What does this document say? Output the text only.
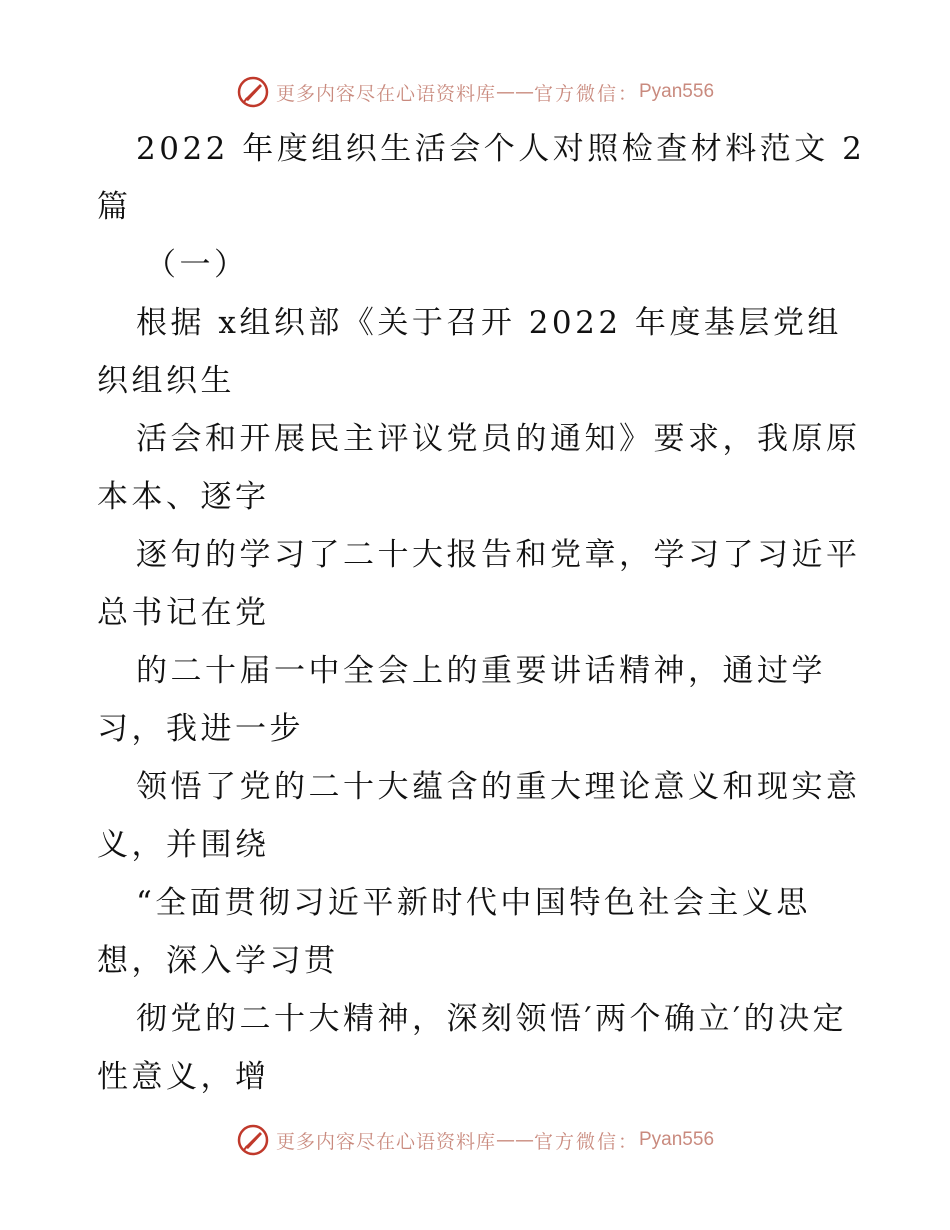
更多内容尽在心语资料库 —— 官方微信： Pyan556
2022 年度组织生活会个人对照检查材料范文 2
篇
（一）
根据 x组织部《关于召开 2022 年度基层党组
织组织生
活会和开展民主评议党员的通知》要求，我原原
本本、逐字
逐句的学习了二十大报告和党章，学习了习近平
总书记在党
的二十届一中全会上的重要讲话精神，通过学
习，我进一步
领悟了党的二十大蕴含的重大理论意义和现实意
义，并围绕
“全面贯彻习近平新时代中国特色社会主义思
想，深入学习贯
彻党的二十大精神，深刻领悟′两个确立′的决定
性意义，增
更多内容尽在心语资料库 —— 官方微信： Pyan556
